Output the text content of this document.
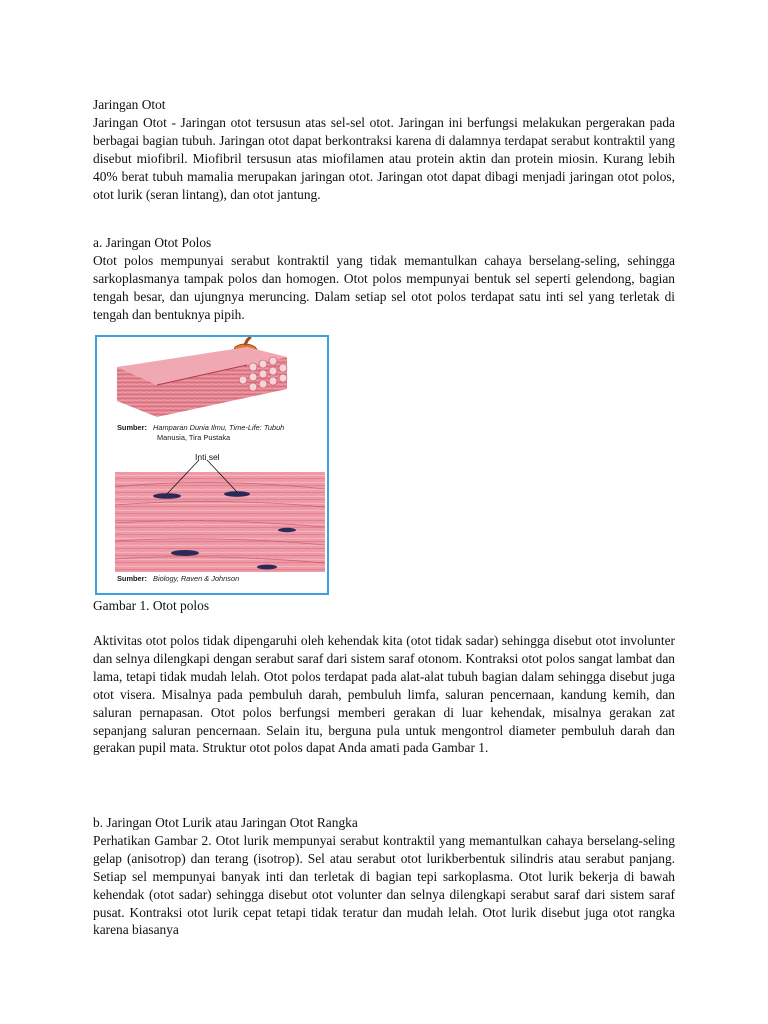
Jaringan Otot

Jaringan Otot - Jaringan otot tersusun atas sel-sel otot. Jaringan ini berfungsi melakukan pergerakan pada berbagai bagian tubuh. Jaringan otot dapat berkontraksi karena di dalamnya terdapat serabut kontraktil yang disebut miofibril. Miofibril tersusun atas miofilamen atau protein aktin dan protein miosin. Kurang lebih 40% berat tubuh mamalia merupakan jaringan otot. Jaringan otot dapat dibagi menjadi jaringan otot polos, otot lurik (seran lintang), dan otot jantung.

a. Jaringan Otot Polos

Otot polos mempunyai serabut kontraktil yang tidak memantulkan cahaya berselang-seling, sehingga sarkoplasmanya tampak polos dan homogen. Otot polos mempunyai bentuk sel seperti gelendong, bagian tengah besar, dan ujungnya meruncing. Dalam setiap sel otot polos terdapat satu inti sel yang terletak di tengah dan bentuknya pipih.

Sumber: Hamparan Dunia Ilmu, Time-Life: Tubuh
Manusia, Tira Pustaka
Sumber: Biology, Raven & Johnson
Inti sel

Gambar 1. Otot polos

Aktivitas otot polos tidak dipengaruhi oleh kehendak kita (otot tidak sadar) sehingga disebut otot involunter dan selnya dilengkapi dengan serabut saraf dari sistem saraf otonom. Kontraksi otot polos sangat lambat dan lama, tetapi tidak mudah lelah. Otot polos terdapat pada alat-alat tubuh bagian dalam sehingga disebut juga otot visera. Misalnya pada pembuluh darah, pembuluh limfa, saluran pencernaan, kandung kemih, dan saluran pernapasan. Otot polos berfungsi memberi gerakan di luar kehendak, misalnya gerakan zat sepanjang saluran pencernaan. Selain itu, berguna pula untuk mengontrol diameter pembuluh darah dan gerakan pupil mata. Struktur otot polos dapat Anda amati pada Gambar 1.

b. Jaringan Otot Lurik atau Jaringan Otot Rangka

Perhatikan Gambar 2. Otot lurik mempunyai serabut kontraktil yang memantulkan cahaya berselang-seling gelap (anisotrop) dan terang (isotrop). Sel atau serabut otot lurikberbentuk silindris atau serabut panjang. Setiap sel mempunyai banyak inti dan terletak di bagian tepi sarkoplasma. Otot lurik bekerja di bawah kehendak (otot sadar) sehingga disebut otot volunter dan selnya dilengkapi serabut saraf dari sistem saraf pusat. Kontraksi otot lurik cepat tetapi tidak teratur dan mudah lelah. Otot lurik disebut juga otot rangka karena biasanya
